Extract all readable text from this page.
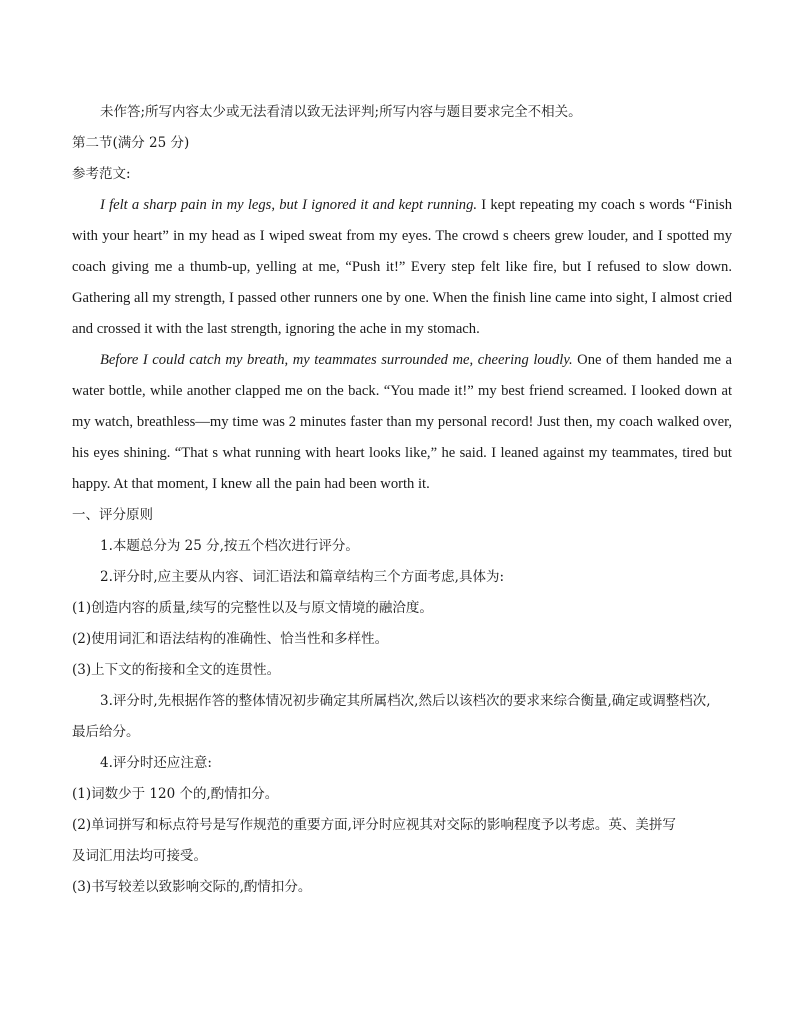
未作答;所写内容太少或无法看清以致无法评判;所写内容与题目要求完全不相关。
第二节(满分 25 分)
参考范文:
I felt a sharp pain in my legs, but I ignored it and kept running. I kept repeating my coach s words “Finish with your heart” in my head as I wiped sweat from my eyes. The crowd s cheers grew louder, and I spotted my coach giving me a thumb-up, yelling at me, “Push it!” Every step felt like fire, but I refused to slow down. Gathering all my strength, I passed other runners one by one. When the finish line came into sight, I almost cried and crossed it with the last strength, ignoring the ache in my stomach.
Before I could catch my breath, my teammates surrounded me, cheering loudly. One of them handed me a water bottle, while another clapped me on the back. “You made it!” my best friend screamed. I looked down at my watch, breathless—my time was 2 minutes faster than my personal record! Just then, my coach walked over, his eyes shining. “That s what running with heart looks like,” he said. I leaned against my teammates, tired but happy. At that moment, I knew all the pain had been worth it.
一、评分原则
1.本题总分为 25 分,按五个档次进行评分。
2.评分时,应主要从内容、词汇语法和篇章结构三个方面考虑,具体为:
(1)创造内容的质量,续写的完整性以及与原文情境的融洽度。
(2)使用词汇和语法结构的准确性、恰当性和多样性。
(3)上下文的衔接和全文的连贯性。
3.评分时,先根据作答的整体情况初步确定其所属档次,然后以该档次的要求来综合衡量,确定或调整档次,
最后给分。
4.评分时还应注意:
(1)词数少于 120 个的,酌情扣分。
(2)单词拼写和标点符号是写作规范的重要方面,评分时应视其对交际的影响程度予以考虑。英、美拼写
及词汇用法均可接受。
(3)书写较差以致影响交际的,酌情扣分。
